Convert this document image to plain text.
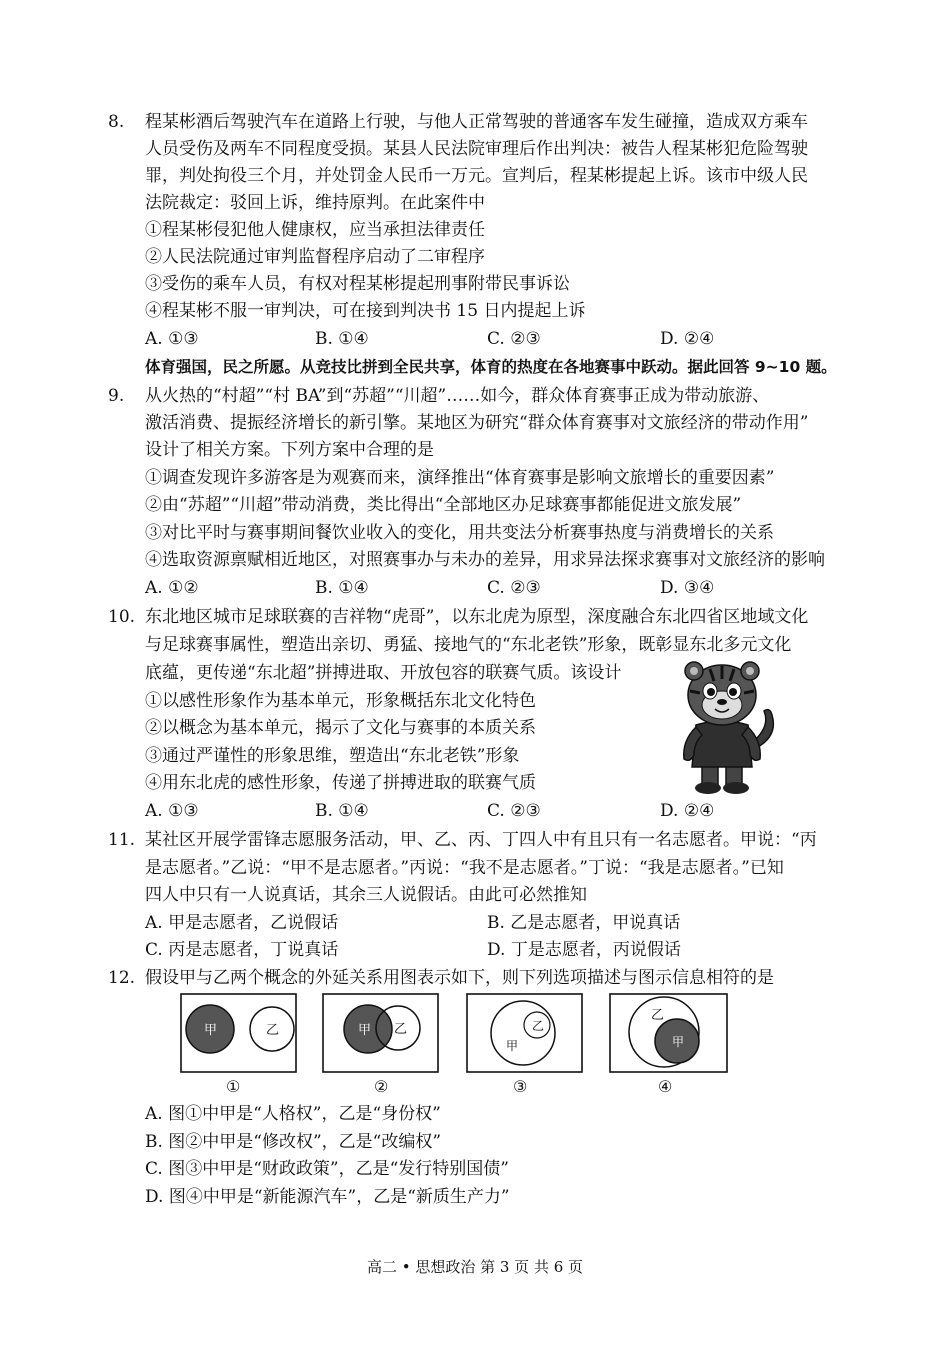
8. 程某彬酒后驾驶汽车在道路上行驶，与他人正常驾驶的普通客车发生碰撞，造成双方乘车
人员受伤及两车不同程度受损。某县人民法院审理后作出判决：被告人程某彬犯危险驾驶
罪，判处拘役三个月，并处罚金人民币一万元。宣判后，程某彬提起上诉。该市中级人民
法院裁定：驳回上诉，维持原判。在此案件中
①程某彬侵犯他人健康权，应当承担法律责任
②人民法院通过审判监督程序启动了二审程序
③受伤的乘车人员，有权对程某彬提起刑事附带民事诉讼
④程某彬不服一审判决，可在接到判决书 15 日内提起上诉
A. ①③	B. ①④	C. ②③	D. ②④
体育强国，民之所愿。从竞技比拼到全民共享，体育的热度在各地赛事中跃动。据此回答 9~10 题。
9. 从火热的“村超”“村 BA”到“苏超”“川超”……如今，群众体育赛事正成为带动旅游、
激活消费、提振经济增长的新引擎。某地区为研究“群众体育赛事对文旅经济的带动作用”
设计了相关方案。下列方案中合理的是
①调查发现许多游客是为观赛而来，演绎推出“体育赛事是影响文旅增长的重要因素”
②由“苏超”“川超”带动消费，类比得出“全部地区办足球赛事都能促进文旅发展”
③对比平时与赛事期间餐饮业收入的变化，用共变法分析赛事热度与消费增长的关系
④选取资源禀赋相近地区，对照赛事办与未办的差异，用求异法探求赛事对文旅经济的影响
A. ①②	B. ①④	C. ②③	D. ③④
10. 东北地区城市足球联赛的吉祥物“虎哥”，以东北虎为原型，深度融合东北四省区地域文化
与足球赛事属性，塑造出亲切、勇猛、接地气的“东北老铁”形象，既彰显东北多元文化
底蕴，更传递“东北超”拼搏进取、开放包容的联赛气质。该设计
①以感性形象作为基本单元，形象概括东北文化特色
②以概念为基本单元，揭示了文化与赛事的本质关系
③通过严谨性的形象思维，塑造出“东北老铁”形象
④用东北虎的感性形象，传递了拼搏进取的联赛气质
A. ①③	B. ①④	C. ②③	D. ②④
11. 某社区开展学雷锋志愿服务活动，甲、乙、丙、丁四人中有且只有一名志愿者。甲说：“丙
是志愿者。”乙说：“甲不是志愿者。”丙说：“我不是志愿者。”丁说：“我是志愿者。”已知
四人中只有一人说真话，其余三人说假话。由此可必然推知
A. 甲是志愿者，乙说假话	B. 乙是志愿者，甲说真话
C. 丙是志愿者，丁说真话	D. 丁是志愿者，丙说假话
12. 假设甲与乙两个概念的外延关系用图表示如下，则下列选项描述与图示信息相符的是
甲	乙	甲 乙
甲
乙
乙
甲
①	②	③	④
A. 图①中甲是“人格权”，乙是“身份权”
B. 图②中甲是“修改权”，乙是“改编权”
C. 图③中甲是“财政政策”，乙是“发行特别国债”
D. 图④中甲是“新能源汽车”，乙是“新质生产力”
高二 • 思想政治 第 3 页 共 6 页
